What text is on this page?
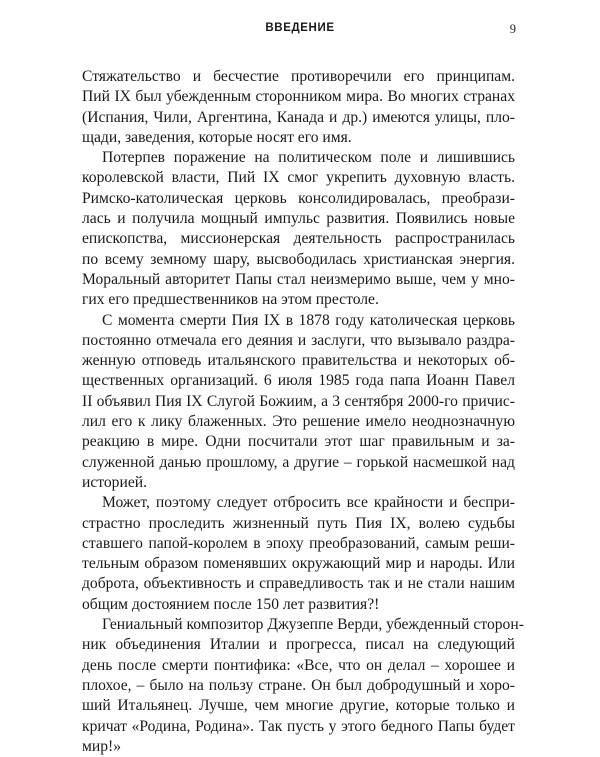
ВВЕДЕНИЕ	9

Стяжательство и бесчестие противоречили его принципам.
Пий IX был убежденным сторонником мира. Во многих странах
(Испания, Чили, Аргентина, Канада и др.) имеются улицы, пло-
щади, заведения, которые носят его имя.

Потерпев поражение на политическом поле и лишившись
королевской власти, Пий IX смог укрепить духовную власть.
Римско-католическая церковь консолидировалась, преобрази-
лась и получила мощный импульс развития. Появились новые
епископства, миссионерская деятельность распространилась
по всему земному шару, высвободилась христианская энергия.
Моральный авторитет Папы стал неизмеримо выше, чем у мно-
гих его предшественников на этом престоле.

С момента смерти Пия IX в 1878 году католическая церковь
постоянно отмечала его деяния и заслуги, что вызывало раздра-
женную отповедь итальянского правительства и некоторых об-
щественных организаций. 6 июля 1985 года папа Иоанн Павел
II объявил Пия IX Слугой Божиим, а 3 сентября 2000-го причис-
лил его к лику блаженных. Это решение имело неоднозначную
реакцию в мире. Одни посчитали этот шаг правильным и за-
служенной данью прошлому, а другие – горькой насмешкой над
историей.

Может, поэтому следует отбросить все крайности и беспри-
страстно проследить жизненный путь Пия IX, волею судьбы
ставшего папой-королем в эпоху преобразований, самым реши-
тельным образом поменявших окружающий мир и народы. Или
доброта, объективность и справедливость так и не стали нашим
общим достоянием после 150 лет развития?!

Гениальный композитор Джузеппе Верди, убежденный сторон-
ник объединения Италии и прогресса, писал на следующий
день после смерти понтифика: «Все, что он делал – хорошее и
плохое, – было на пользу стране. Он был добродушный и хоро-
ший Итальянец. Лучше, чем многие другие, которые только и
кричат «Родина, Родина». Так пусть у этого бедного Папы будет
мир!»
